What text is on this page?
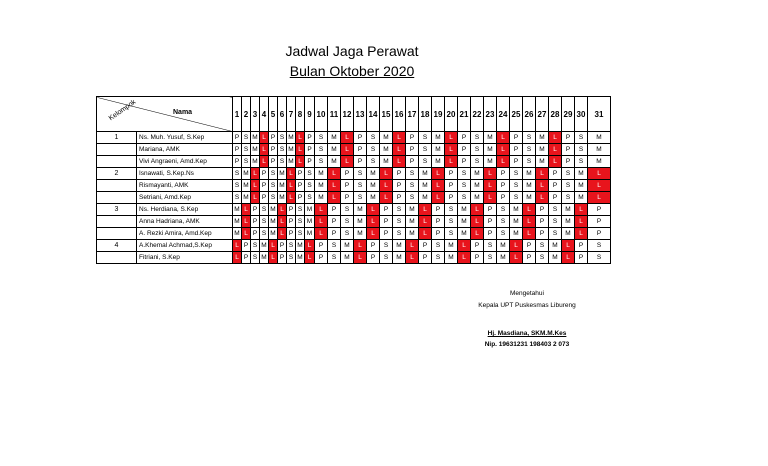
Jadwal Jaga Perawat
Bulan Oktober 2020
Kelompok Nama		1	2	3	4	5	6	7	8	9	10	11	12	13	14	15	16	17	18	19	20	21	22	23	24	25	26	27	28	29	30	31
1	Ns. Muh. Yusuf, S.Kep	P	S	M	L	P	S	M	L	P	S	M	L	P	S	M	L	P	S	M	L	P	S	M	L	P	S	M	L	P	S	M
	Mariana, AMK	P	S	M	L	P	S	M	L	P	S	M	L	P	S	M	L	P	S	M	L	P	S	M	L	P	S	M	L	P	S	M
	Vivi Angraeni, Amd.Kep	P	S	M	L	P	S	M	L	P	S	M	L	P	S	M	L	P	S	M	L	P	S	M	L	P	S	M	L	P	S	M
2	Isnawati, S.Kep.Ns	S	M	L	P	S	M	L	P	S	M	L	P	S	M	L	P	S	M	L	P	S	M	L	P	S	M	L	P	S	M	L
	Rismayanti, AMK	S	M	L	P	S	M	L	P	S	M	L	P	S	M	L	P	S	M	L	P	S	M	L	P	S	M	L	P	S	M	L
	Setriani, Amd.Kep	S	M	L	P	S	M	L	P	S	M	L	P	S	M	L	P	S	M	L	P	S	M	L	P	S	M	L	P	S	M	L
3	Ns. Herdiana, S.Kep	M	L	P	S	M	L	P	S	M	L	P	S	M	L	P	S	M	L	P	S	M	L	P	S	M	L	P	S	M	L	P
	Anna Hadriana, AMK	M	L	P	S	M	L	P	S	M	L	P	S	M	L	P	S	M	L	P	S	M	L	P	S	M	L	P	S	M	L	P
	A. Rezki Amira, Amd.Kep	M	L	P	S	M	L	P	S	M	L	P	S	M	L	P	S	M	L	P	S	M	L	P	S	M	L	P	S	M	L	P
4	A.Khemal Achmad,S.Kep	L	P	S	M	L	P	S	M	L	P	S	M	L	P	S	M	L	P	S	M	L	P	S	M	L	P	S	M	L	P	S
	Fitriani, S.Kep	L	P	S	M	L	P	S	M	L	P	S	M	L	P	S	M	L	P	S	M	L	P	S	M	L	P	S	M	L	P	S
Mengetahui
Kepala UPT Puskesmas Libureng
Hj. Masdiana, SKM.M.Kes
Nip. 19631231 198403 2 073
